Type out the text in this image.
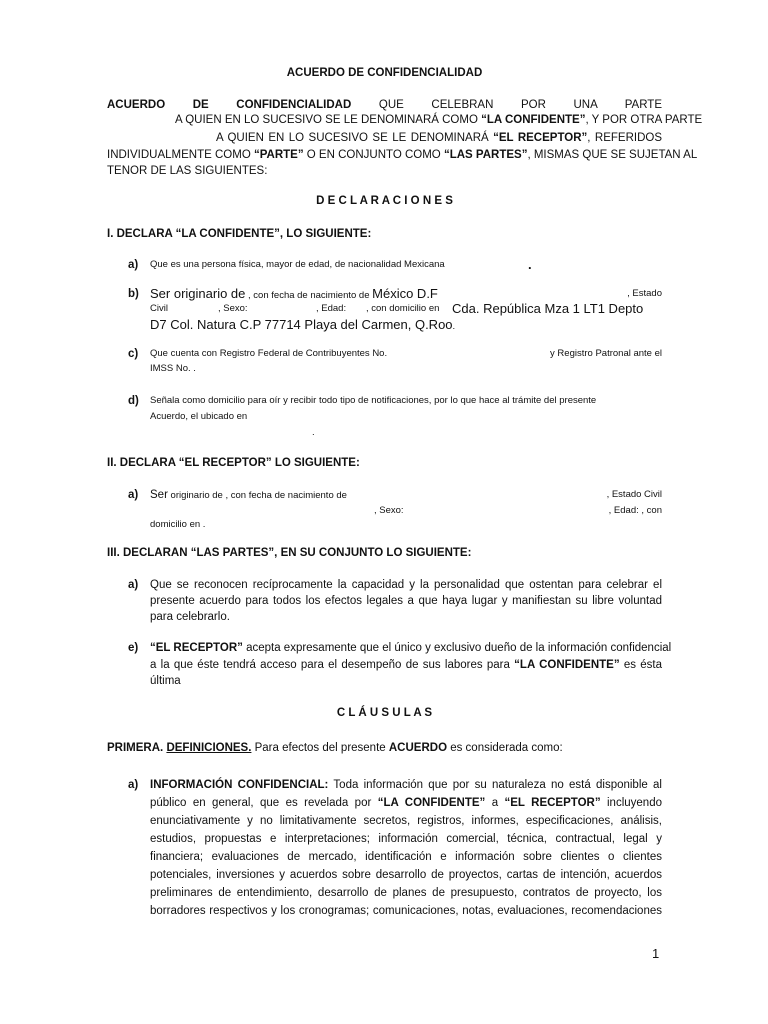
ACUERDO DE CONFIDENCIALIDAD
ACUERDO DE CONFIDENCIALIDAD QUE CELEBRAN POR UNA PARTE
A QUIEN EN LO SUCESIVO SE LE DENOMINARÁ COMO “LA CONFIDENTE”, Y POR OTRA PARTE
A QUIEN EN LO SUCESIVO SE LE DENOMINARÁ “EL RECEPTOR”, REFERIDOS
INDIVIDUALMENTE COMO “PARTE” O EN CONJUNTO COMO “LAS PARTES”, MISMAS QUE SE SUJETAN AL
TENOR DE LAS SIGUIENTES:
D E C L A R A C I O N E S
I. DECLARA “LA CONFIDENTE”, LO SIGUIENTE:
a) Que es una persona física, mayor de edad, de nacionalidad Mexicana	.
b) Ser originario de , con fecha de nacimiento de México D.F	, Estado
Civil	, Sexo:	, Edad: , con domicilio en Cda. República Mza 1 LT1 Depto
D7 Col. Natura C.P 77714 Playa del Carmen, Q.Roo.
c) Que cuenta con Registro Federal de Contribuyentes No.	y Registro Patronal ante el
IMSS No. .
d) Señala como domicilio para oír y recibir todo tipo de notificaciones, por lo que hace al trámite del presente
Acuerdo, el ubicado en
.
II. DECLARA “EL RECEPTOR” LO SIGUIENTE:
a) Ser originario de , con fecha de nacimiento de	, Estado Civil
, Sexo:	, Edad: , con
domicilio en .
III. DECLARAN “LAS PARTES”, EN SU CONJUNTO LO SIGUIENTE:
a) Que se reconocen recíprocamente la capacidad y la personalidad que ostentan para celebrar el
presente acuerdo para todos los efectos legales a que haya lugar y manifiestan su libre voluntad
para celebrarlo.
e) “EL RECEPTOR” acepta expresamente que el único y exclusivo dueño de la información confidencial
a la que éste tendrá acceso para el desempeño de sus labores para “LA CONFIDENTE” es ésta
última
C L Á U S U L A S
PRIMERA. DEFINICIONES. Para efectos del presente ACUERDO es considerada como:
a) INFORMACIÓN CONFIDENCIAL: Toda información que por su naturaleza no está disponible al
público en general, que es revelada por “LA CONFIDENTE” a “EL RECEPTOR” incluyendo
enunciativamente y no limitativamente secretos, registros, informes, especificaciones, análisis,
estudios, propuestas e interpretaciones; información comercial, técnica, contractual, legal y
financiera; evaluaciones de mercado, identificación e información sobre clientes o clientes
potenciales, inversiones y acuerdos sobre desarrollo de proyectos, cartas de intención, acuerdos
preliminares de entendimiento, desarrollo de planes de presupuesto, contratos de proyecto, los
borradores respectivos y los cronogramas; comunicaciones, notas, evaluaciones, recomendaciones
1
